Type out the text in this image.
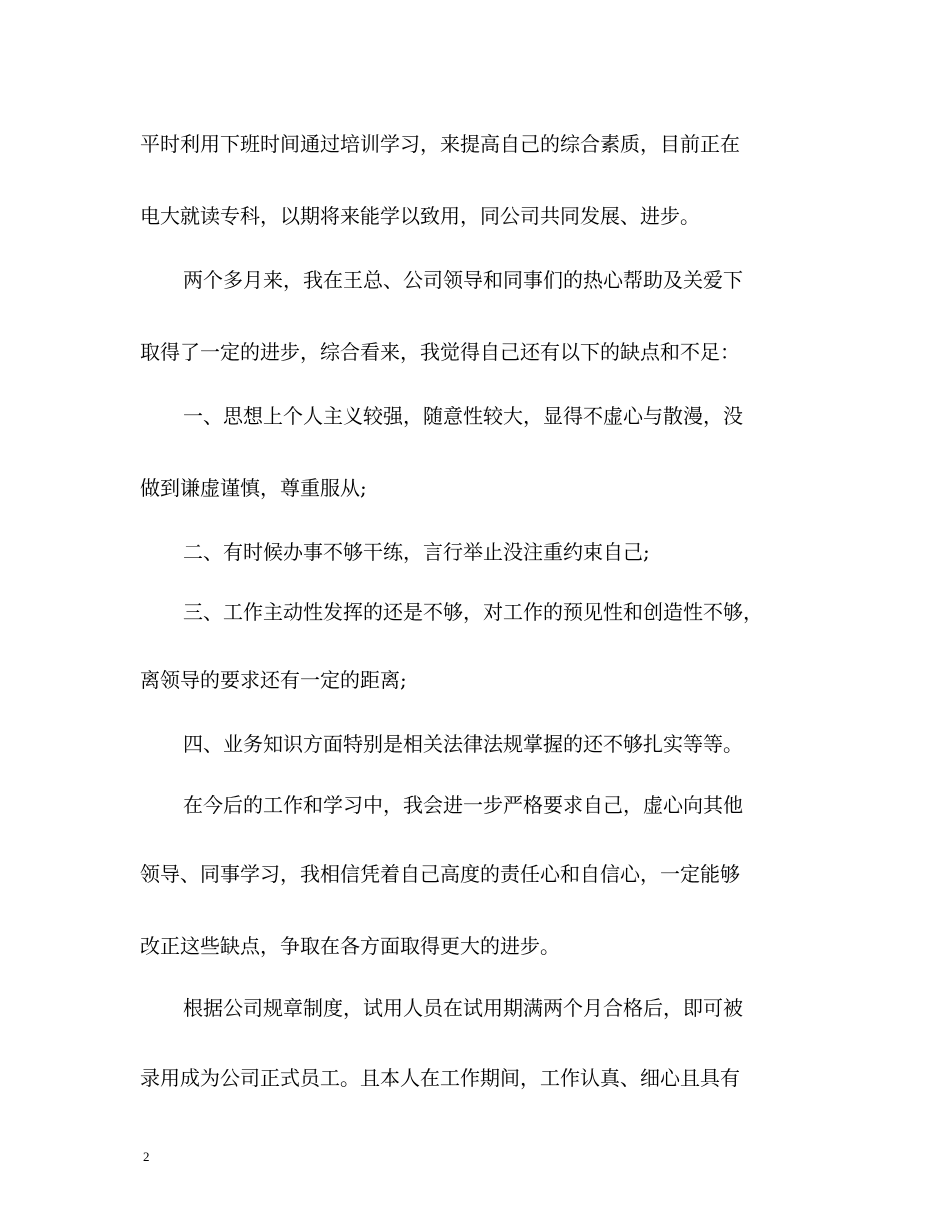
平时利用下班时间通过培训学习，来提高自己的综合素质，目前正在
电大就读专科，以期将来能学以致用，同公司共同发展、进步。
两个多月来，我在王总、公司领导和同事们的热心帮助及关爱下
取得了一定的进步，综合看来，我觉得自己还有以下的缺点和不足：
一、思想上个人主义较强，随意性较大，显得不虚心与散漫，没
做到谦虚谨慎，尊重服从;
二、有时候办事不够干练，言行举止没注重约束自己;
三、工作主动性发挥的还是不够，对工作的预见性和创造性不够，
离领导的要求还有一定的距离;
四、业务知识方面特别是相关法律法规掌握的还不够扎实等等。
在今后的工作和学习中，我会进一步严格要求自己，虚心向其他
领导、同事学习，我相信凭着自己高度的责任心和自信心，一定能够
改正这些缺点，争取在各方面取得更大的进步。
根据公司规章制度，试用人员在试用期满两个月合格后，即可被
录用成为公司正式员工。且本人在工作期间，工作认真、细心且具有
2
